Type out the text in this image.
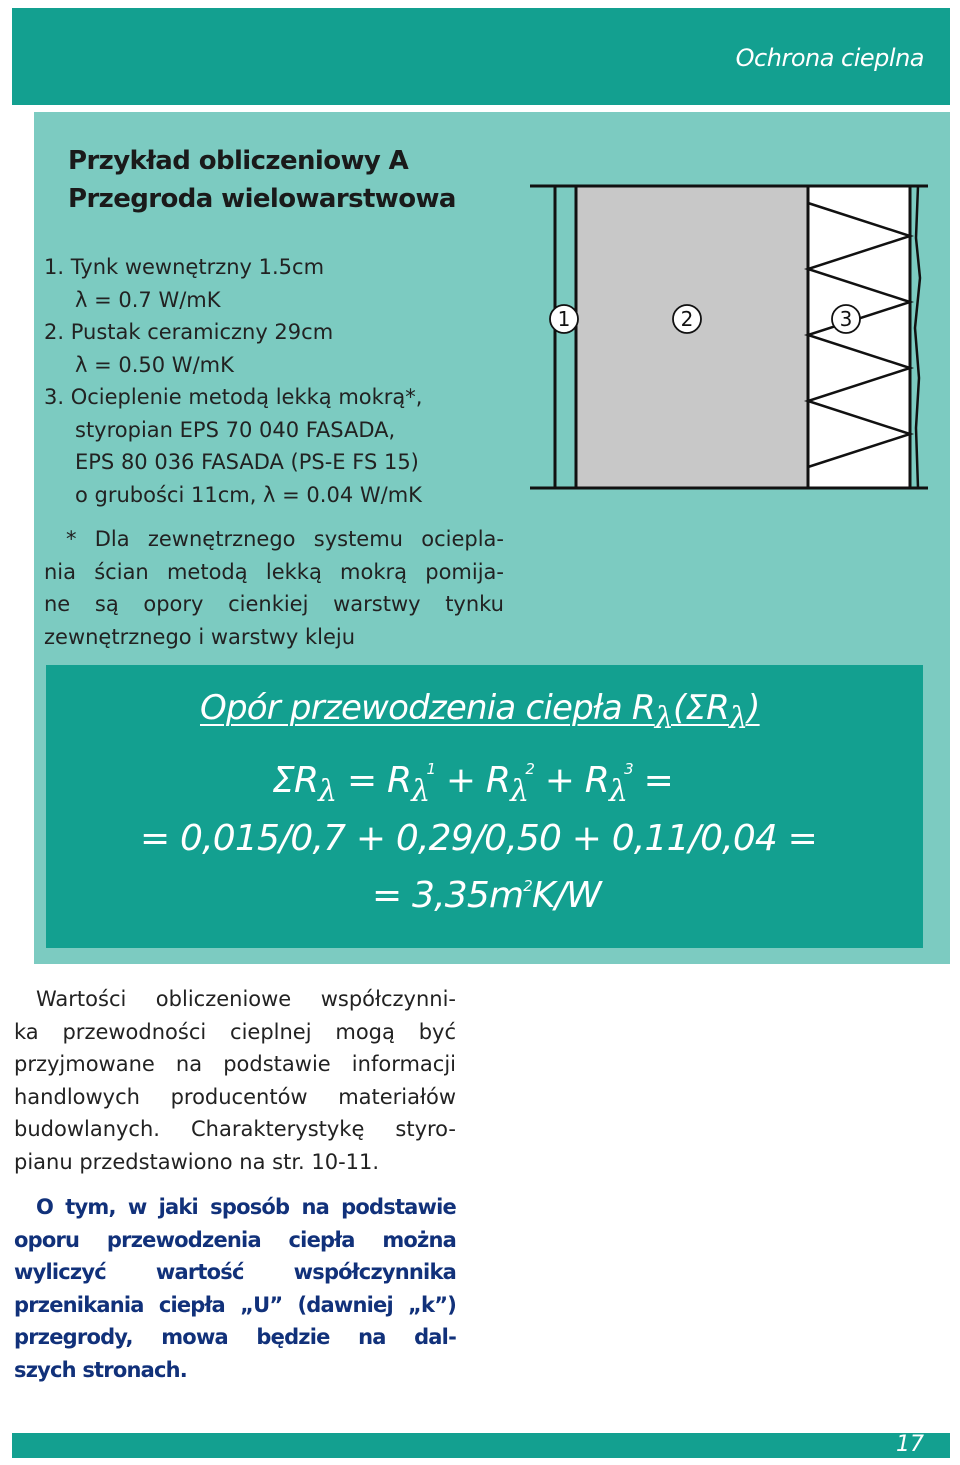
Ochrona cieplna
Przykład obliczeniowy A
Przegroda wielowarstwowa
1. Tynk wewnętrzny 1.5cm
λ = 0.7 W/mK
2. Pustak ceramiczny 29cm
λ = 0.50 W/mK
3. Ocieplenie metodą lekką mokrą*,
styropian EPS 70 040 FASADA,
EPS 80 036 FASADA (PS-E FS 15)
o grubości 11cm, λ = 0.04 W/mK
* Dla zewnętrznego systemu ociepla-
nia ścian metodą lekką mokrą pomija-
ne są opory cienkiej warstwy tynku
zewnętrznego i warstwy kleju
1	2	3
Opór przewodzenia ciepła Rλ(ΣRλ)
$\Sigma R_\lambda = R_\lambda^1 + R_\lambda^2 + R_\lambda^3$ =
= 0,015/0,7 + 0,29/0,50 + 0,11/0,04 =
= $3,35m^2K/W$
Wartości obliczeniowe współczynni-
ka przewodności cieplnej mogą być
przyjmowane na podstawie informacji
handlowych producentów materiałów
budowlanych. Charakterystykę styro-
pianu przedstawiono na str. 10-11.
O tym, w jaki sposób na podstawie
oporu przewodzenia ciepła można
wyliczyć wartość współczynnika
przenikania ciepła „U” (dawniej „k”)
przegrody, mowa będzie na dal-
szych stronach.
17
